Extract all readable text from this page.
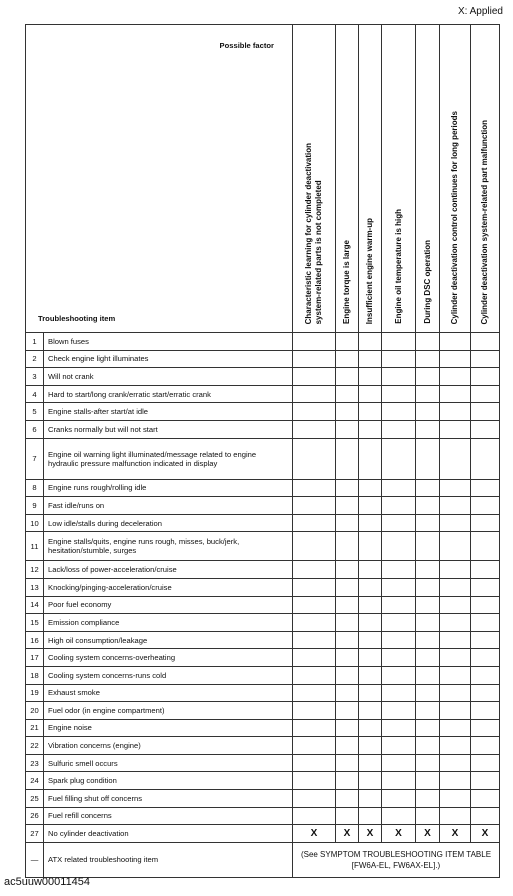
X: Applied
Possible factor
Troubleshooting item		Characteristic learning for cylinder deactivation
system-related parts is not completed	Engine torque is large	Insufficient engine warm-up	Engine oil temperature is high	During DSC operation	Cylinder deactivation control continues for long periods	Cylinder deactivation system-related part malfunction

1	Blown fuses							
2	Check engine light illuminates							
3	Will not crank							
4	Hard to start/long crank/erratic start/erratic crank							
5	Engine stalls-after start/at idle							
6	Cranks normally but will not start							
7	Engine oil warning light illuminated/message related to engine hydraulic pressure malfunction indicated in display							
8	Engine runs rough/rolling idle							
9	Fast idle/runs on							
10	Low idle/stalls during deceleration							
11	Engine stalls/quits, engine runs rough, misses, buck/jerk, hesitation/stumble, surges							
12	Lack/loss of power-acceleration/cruise							
13	Knocking/pinging-acceleration/cruise							
14	Poor fuel economy							
15	Emission compliance							
16	High oil consumption/leakage							
17	Cooling system concerns-overheating							
18	Cooling system concerns-runs cold							
19	Exhaust smoke							
20	Fuel odor (in engine compartment)							
21	Engine noise							
22	Vibration concerns (engine)							
23	Sulfuric smell occurs							
24	Spark plug condition							
25	Fuel filling shut off concerns							
26	Fuel refill concerns							
27	No cylinder deactivation	X	X	X	X	X	X	X
—	ATX related troubleshooting item	(See SYMPTOM TROUBLESHOOTING ITEM TABLE [FW6A-EL, FW6AX-EL].)						
ac5uuw00011454
